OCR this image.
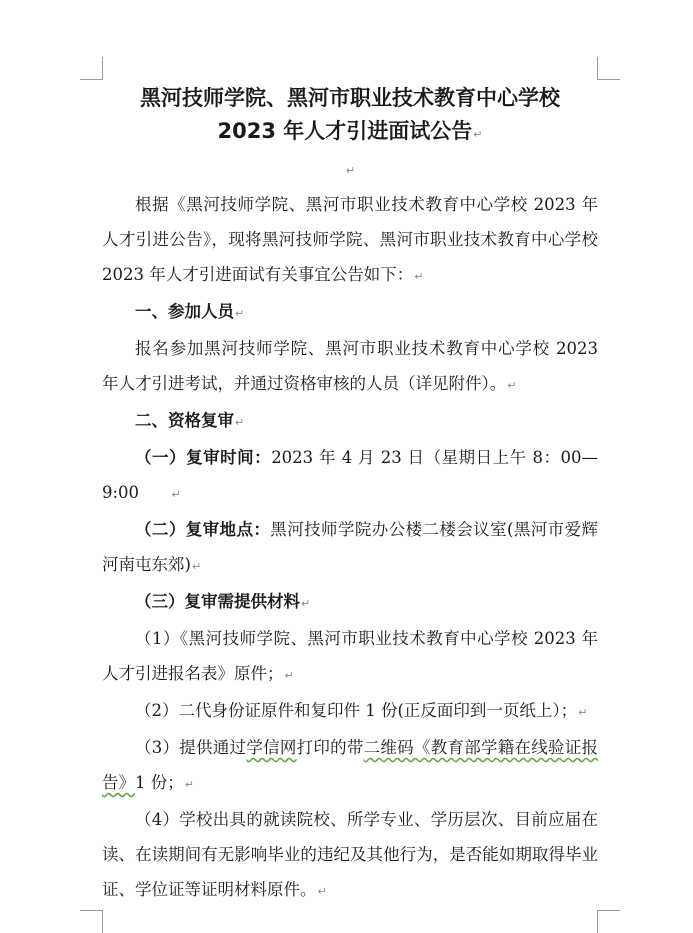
黑河技师学院、黑河市职业技术教育中心学校
2023 年人才引进面试公告↵
↵

根据《黑河技师学院、黑河市职业技术教育中心学校 2023 年人才引进公告》，现将黑河技师学院、黑河市职业技术教育中心学校 2023 年人才引进面试有关事宜公告如下：↵

一、参加人员↵

报名参加黑河技师学院、黑河市职业技术教育中心学校 2023 年人才引进考试，并通过资格审核的人员（详见附件）。↵

二、资格复审↵

（一）复审时间：2023 年 4 月 23 日（星期日上午 8：00—9:00	↵

（二）复审地点：黑河技师学院办公楼二楼会议室(黑河市爱辉河南屯东郊)↵

（三）复审需提供材料↵

（1）《黑河技师学院、黑河市职业技术教育中心学校 2023 年人才引进报名表》原件；↵

（2）二代身份证原件和复印件 1 份(正反面印到一页纸上）；↵

（3）提供通过学信网打印的带二维码《教育部学籍在线验证报告》1 份；↵

（4）学校出具的就读院校、所学专业、学历层次、目前应届在读、在读期间有无影响毕业的违纪及其他行为，是否能如期取得毕业证、学位证等证明材料原件。↵
